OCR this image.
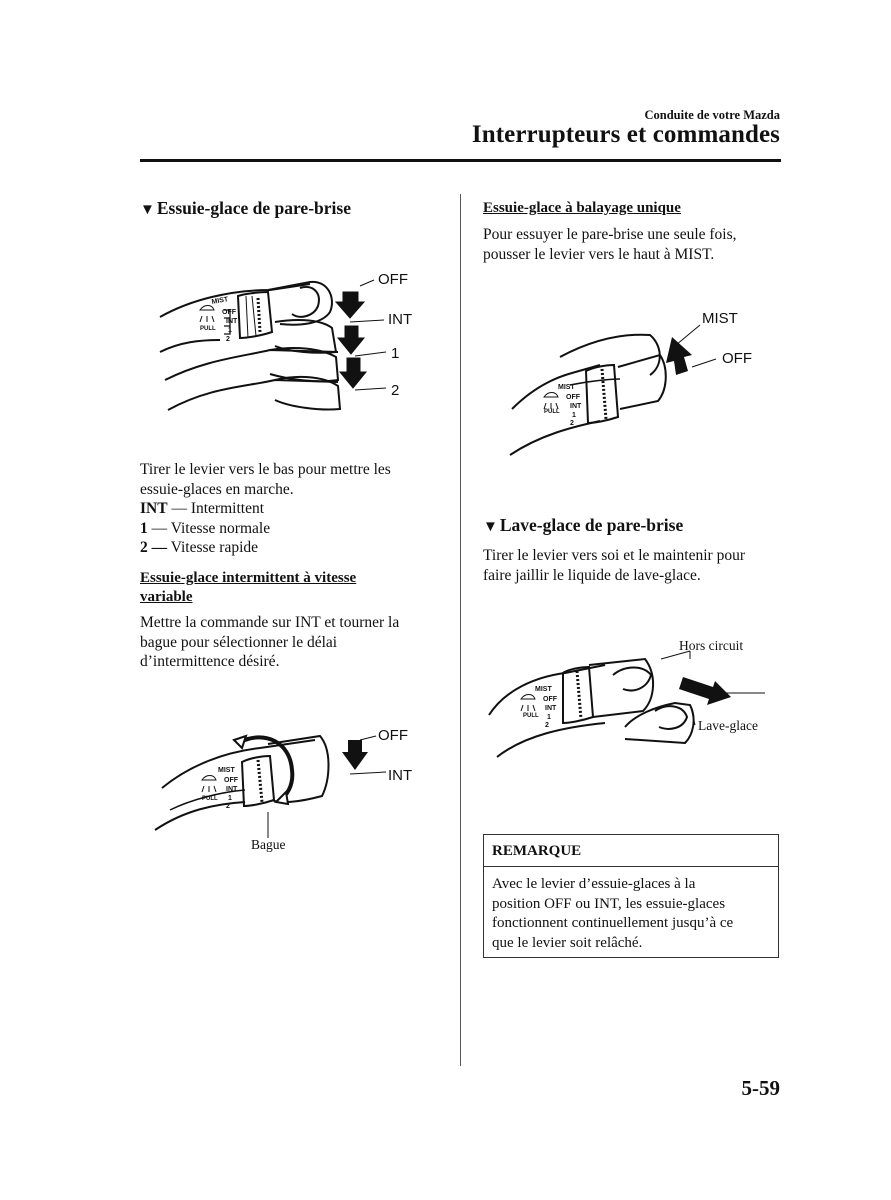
Conduite de votre Mazda
Interrupteurs et commandes
▼ Essuie-glace de pare-brise
MIST
OFF
INT
1
2
PULL
OFF
INT
1
2
Tirer le levier vers le bas pour mettre les
essuie-glaces en marche.
INT — Intermittent
1 — Vitesse normale
2 — Vitesse rapide
Essuie-glace intermittent à vitesse
variable
Mettre la commande sur INT et tourner la
bague pour sélectionner le délai
d’intermittence désiré.
MIST
OFF
INT
1
2
PULL
OFF
INT
Bague
Essuie-glace à balayage unique
Pour essuyer le pare-brise une seule fois,
pousser le levier vers le haut à MIST.
MIST
OFF
INT
1
2
PULL
MIST
OFF
▼ Lave-glace de pare-brise
Tirer le levier vers soi et le maintenir pour
faire jaillir le liquide de lave-glace.
MIST
OFF
INT
1
2
PULL
Hors circuit
Lave-glace
REMARQUE
Avec le levier d’essuie-glaces à la
position OFF ou INT, les essuie-glaces
fonctionnent continuellement jusqu’à ce
que le levier soit relâché.
5-59
